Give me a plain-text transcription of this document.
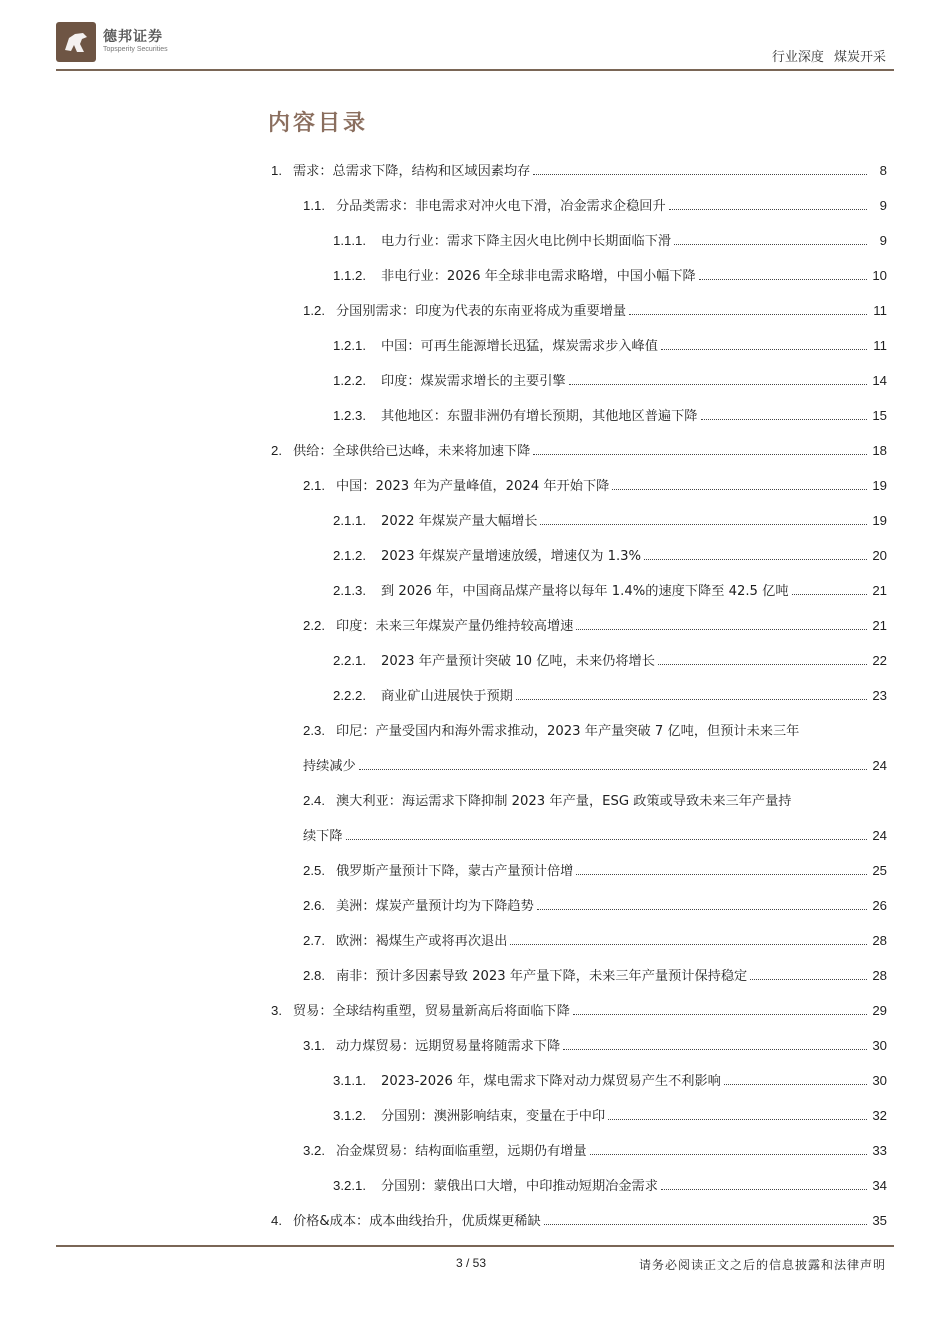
德邦证券
Topsperity Securities
行业深度 煤炭开采
内容目录
1. 需求：总需求下降，结构和区域因素均存	8
1.1. 分品类需求：非电需求对冲火电下滑，冶金需求企稳回升	9
1.1.1.	电力行业：需求下降主因火电比例中长期面临下滑	9
1.1.2.	非电行业：2026 年全球非电需求略增，中国小幅下降	10
1.2. 分国别需求：印度为代表的东南亚将成为重要增量	11
1.2.1.	中国：可再生能源增长迅猛，煤炭需求步入峰值	11
1.2.2.	印度：煤炭需求增长的主要引擎	14
1.2.3.	其他地区：东盟非洲仍有增长预期，其他地区普遍下降	15
2. 供给：全球供给已达峰，未来将加速下降	18
2.1. 中国：2023 年为产量峰值，2024 年开始下降	19
2.1.1.	2022 年煤炭产量大幅增长	19
2.1.2.	2023 年煤炭产量增速放缓，增速仅为 1.3%	20
2.1.3.	到 2026 年，中国商品煤产量将以每年 1.4%的速度下降至 42.5 亿吨	21
2.2. 印度：未来三年煤炭产量仍维持较高增速	21
2.2.1.	2023 年产量预计突破 10 亿吨，未来仍将增长	22
2.2.2.	商业矿山进展快于预期	23
2.3. 印尼：产量受国内和海外需求推动，2023 年产量突破 7 亿吨，但预计未来三年
持续减少	24
2.4. 澳大利亚：海运需求下降抑制 2023 年产量，ESG 政策或导致未来三年产量持
续下降	24
2.5. 俄罗斯产量预计下降，蒙古产量预计倍增	25
2.6. 美洲：煤炭产量预计均为下降趋势	26
2.7. 欧洲：褐煤生产或将再次退出	28
2.8. 南非：预计多因素导致 2023 年产量下降，未来三年产量预计保持稳定	28
3. 贸易：全球结构重塑，贸易量新高后将面临下降	29
3.1. 动力煤贸易：远期贸易量将随需求下降	30
3.1.1.	2023-2026 年，煤电需求下降对动力煤贸易产生不利影响	30
3.1.2.	分国别：澳洲影响结束，变量在于中印	32
3.2. 冶金煤贸易：结构面临重塑，远期仍有增量	33
3.2.1.	分国别：蒙俄出口大增，中印推动短期冶金需求	34
4. 价格&成本：成本曲线抬升，优质煤更稀缺	35
3 / 53	请务必阅读正文之后的信息披露和法律声明
